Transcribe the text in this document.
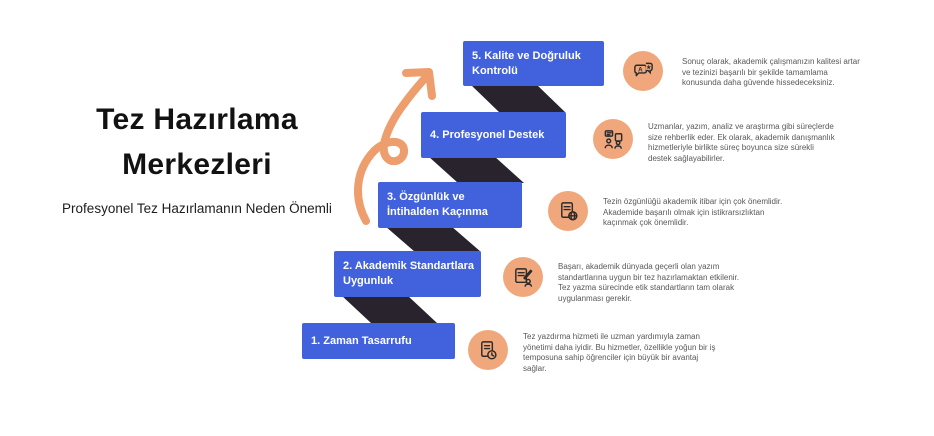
Tez Hazırlama
Merkezleri

Profesyonel Tez Hazırlamanın Neden Önemli

1. Zaman Tasarrufu	Tez yazdırma hizmeti ile uzman yardımıyla zaman yönetimi daha iyidir. Bu hizmetler, özellikle yoğun bir iş temposuna sahip öğrenciler için büyük bir avantaj sağlar.

2. Akademik Standartlara Uygunluk

Başarı, akademik dünyada geçerli olan yazım standartlarına uygun bir tez hazırlamaktan etkilenir. Tez yazma sürecinde etik standartların tam olarak uygulanması gerekir.

3. Özgünlük ve İntihalden Kaçınma

Tezin özgünlüğü akademik itibar için çok önemlidir. Akademide başarılı olmak için istikrarsızlıktan kaçınmak çok önemlidir.

4. Profesyonel Destek

Uzmanlar, yazım, analiz ve araştırma gibi süreçlerde size rehberlik eder. Ek olarak, akademik danışmanlık hizmetleriyle birlikte süreç boyunca size sürekli destek sağlayabilirler.

5. Kalite ve Doğruluk Kontrolü	A ★

Sonuç olarak, akademik çalışmanızın kalitesi artar ve tezinizi başarılı bir şekilde tamamlama konusunda daha güvende hissedeceksiniz.
